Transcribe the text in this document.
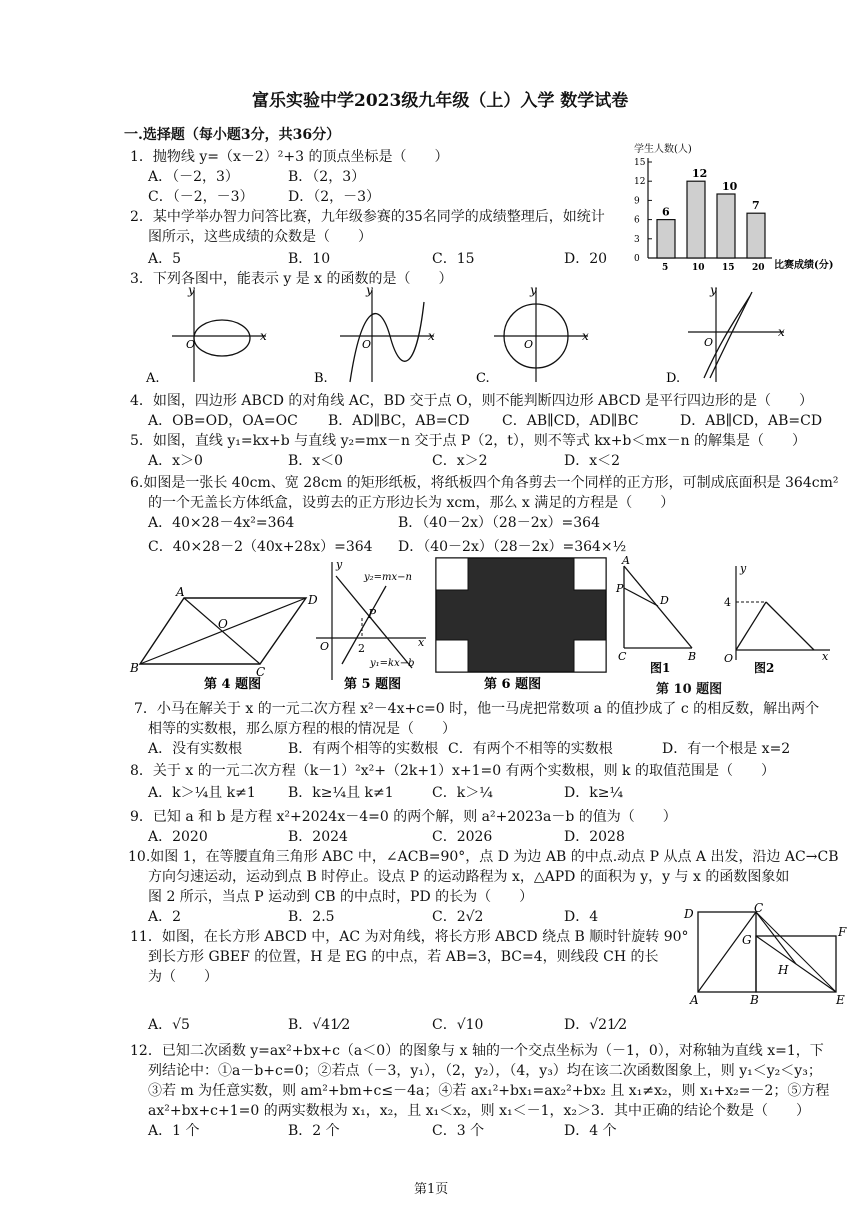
富乐实验中学2023级九年级（上）入学 数学试卷
一.选择题（每小题3分，共36分）
1．抛物线 y=（x－2）²+3 的顶点坐标是（　　）
A．（－2，3）	B．（2，3）
C．（－2，－3） D．（2，－3）
2．某中学举办智力问答比赛，九年级参赛的35名同学的成绩整理后，如统计
图所示，这些成绩的众数是（　　）
A．5	B．10	C．15	D．20
学生人数(人)
比赛成绩(分)
0
3
6
9
12
15
6
5
12
10
10
15
7
20
3．下列各图中，能表示 y 是 x 的函数的是（　　）
y
x
O
A.
y
x
O
B.
y
x
O
C.
y
x
O
D.
4．如图，四边形 ABCD 的对角线 AC，BD 交于点 O，则不能判断四边形 ABCD 是平行四边形的是（　　）
A．OB=OD，OA=OC B．AD∥BC，AB=CD C．AB∥CD，AD∥BC	D．AB∥CD，AB=CD
5．如图，直线 y₁=kx+b 与直线 y₂=mx－n 交于点 P（2，t），则不等式 kx+b＜mx－n 的解集是（　　）
A．x＞0	B．x＜0	C．x＞2	D．x＜2
6.如图是一张长 40cm、宽 28cm 的矩形纸板，将纸板四个角各剪去一个同样的正方形，可制成底面积是 364cm²
的一个无盖长方体纸盒，设剪去的正方形边长为 xcm，那么 x 满足的方程是（　　）
A．40×28－4x²=364	B．（40－2x）（28－2x）=364
C．40×28－2（40x+28x）=364 D．（40－2x）（28－2x）=364×½
A
D
B	C
O
第 4 题图
y₂=mx−n
P
2
O	x
y
y₁=kx−b
第 5 题图	第 6 题图
A
P
D
C	B
图1
4
O
y
x
图2
第 10 题图
7．小马在解关于 x 的一元二次方程 x²－4x+c=0 时，他一马虎把常数项 a 的值抄成了 c 的相反数，解出两个
相等的实数根，那么原方程的根的情况是（　　）
A．没有实数根	B．有两个相等的实数根 C．有两个不相等的实数根	D．有一个根是 x=2
8．关于 x 的一元二次方程（k－1）²x²+（2k+1）x+1=0 有两个实数根，则 k 的取值范围是（　　）
A．k＞¼且 k≠1 B．k≥¼且 k≠1	C．k＞¼	D．k≥¼
9．已知 a 和 b 是方程 x²+2024x－4=0 的两个解，则 a²+2023a－b 的值为（　　）
A．2020	B．2024	C．2026	D．2028
10.如图 1，在等腰直角三角形 ABC 中，∠ACB=90°，点 D 为边 AB 的中点.动点 P 从点 A 出发，沿边 AC→CB
方向匀速运动，运动到点 B 时停止。设点 P 的运动路程为 x，△APD 的面积为 y，y 与 x 的函数图象如
图 2 所示，当点 P 运动到 CB 的中点时，PD 的长为（　　）
A．2	B．2.5	C．2√2	D．4
11．如图，在长方形 ABCD 中，AC 为对角线，将长方形 ABCD 绕点 B 顺时针旋转 90°
到长方形 GBEF 的位置，H 是 EG 的中点，若 AB=3，BC=4，则线段 CH 的长
为（　　）
A．√5	B．√41⁄2	C．√10	D．√21⁄2
D	C
F
G
H
A	B	E
12．已知二次函数 y=ax²+bx+c（a＜0）的图象与 x 轴的一个交点坐标为（－1，0），对称轴为直线 x=1，下
列结论中：①a－b+c=0；②若点（－3，y₁），（2，y₂），（4，y₃）均在该二次函数图象上，则 y₁＜y₂＜y₃；
③若 m 为任意实数，则 am²+bm+c≤－4a；④若 ax₁²+bx₁=ax₂²+bx₂ 且 x₁≠x₂，则 x₁+x₂=－2；⑤方程
ax²+bx+c+1=0 的两实数根为 x₁，x₂，且 x₁＜x₂，则 x₁＜－1，x₂＞3．其中正确的结论个数是（　　）
A．1 个	B．2 个	C．3 个	D．4 个
第1页
